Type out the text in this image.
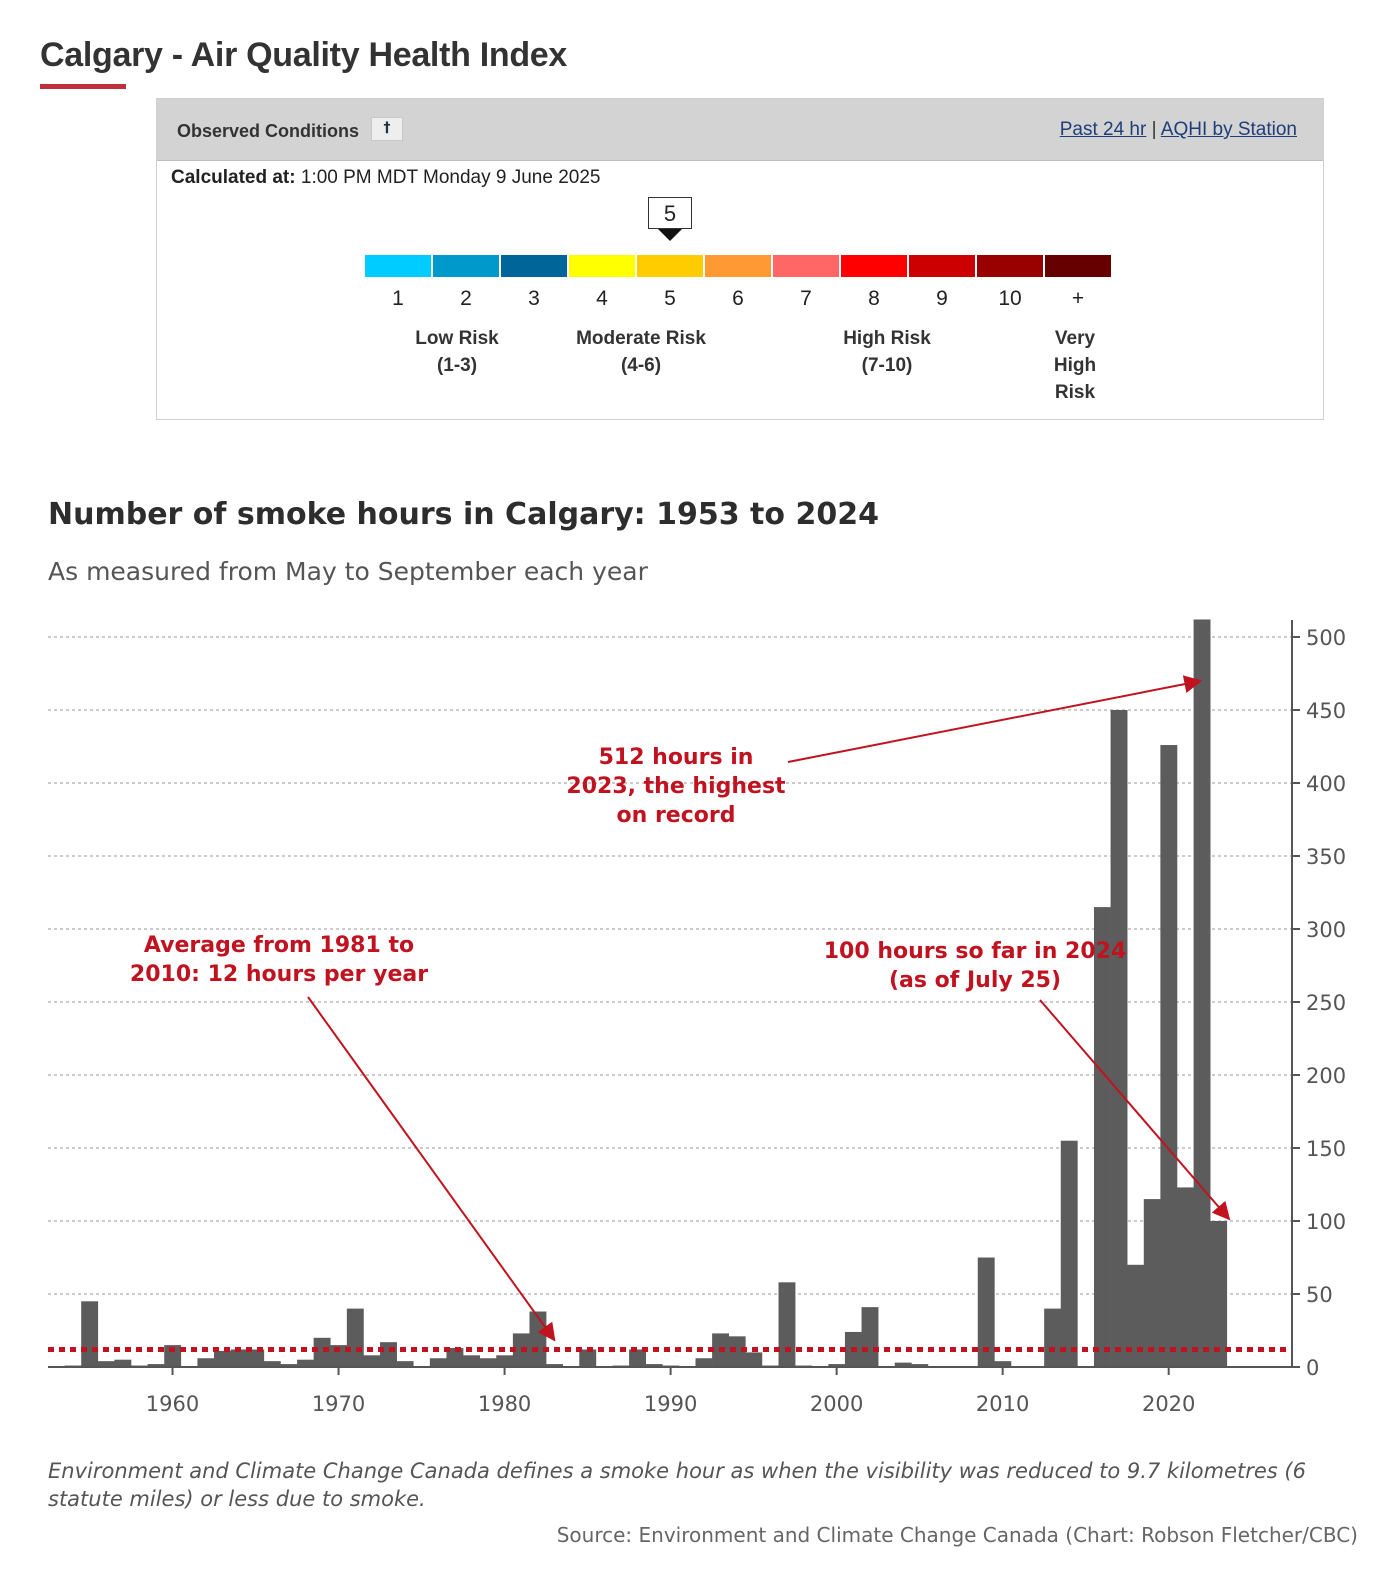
Calgary - Air Quality Health Index
Observed Conditions	†	Past 24 hr | AQHI by Station
Calculated at: 1:00 PM MDT Monday 9 June 2025
5
1	2	3	4	5	6	7	8	9	10	+
Low Risk
(1-3)
Moderate Risk
(4-6)
High Risk
(7-10)
Very
High
Risk
Number of smoke hours in Calgary: 1953 to 2024
As measured from May to September each year
0
50
100
150
200
250
300
350
400
450
500
1960	1970	1980	1990	2000	2010	2020
512 hours in
2023, the highest
on record
Average from 1981 to
2010: 12 hours per year
100 hours so far in 2024
(as of July 25)
Environment and Climate Change Canada defines a smoke hour as when the visibility was reduced to 9.7 kilometres (6 statute miles) or less due to smoke.
Source: Environment and Climate Change Canada (Chart: Robson Fletcher/CBC)
